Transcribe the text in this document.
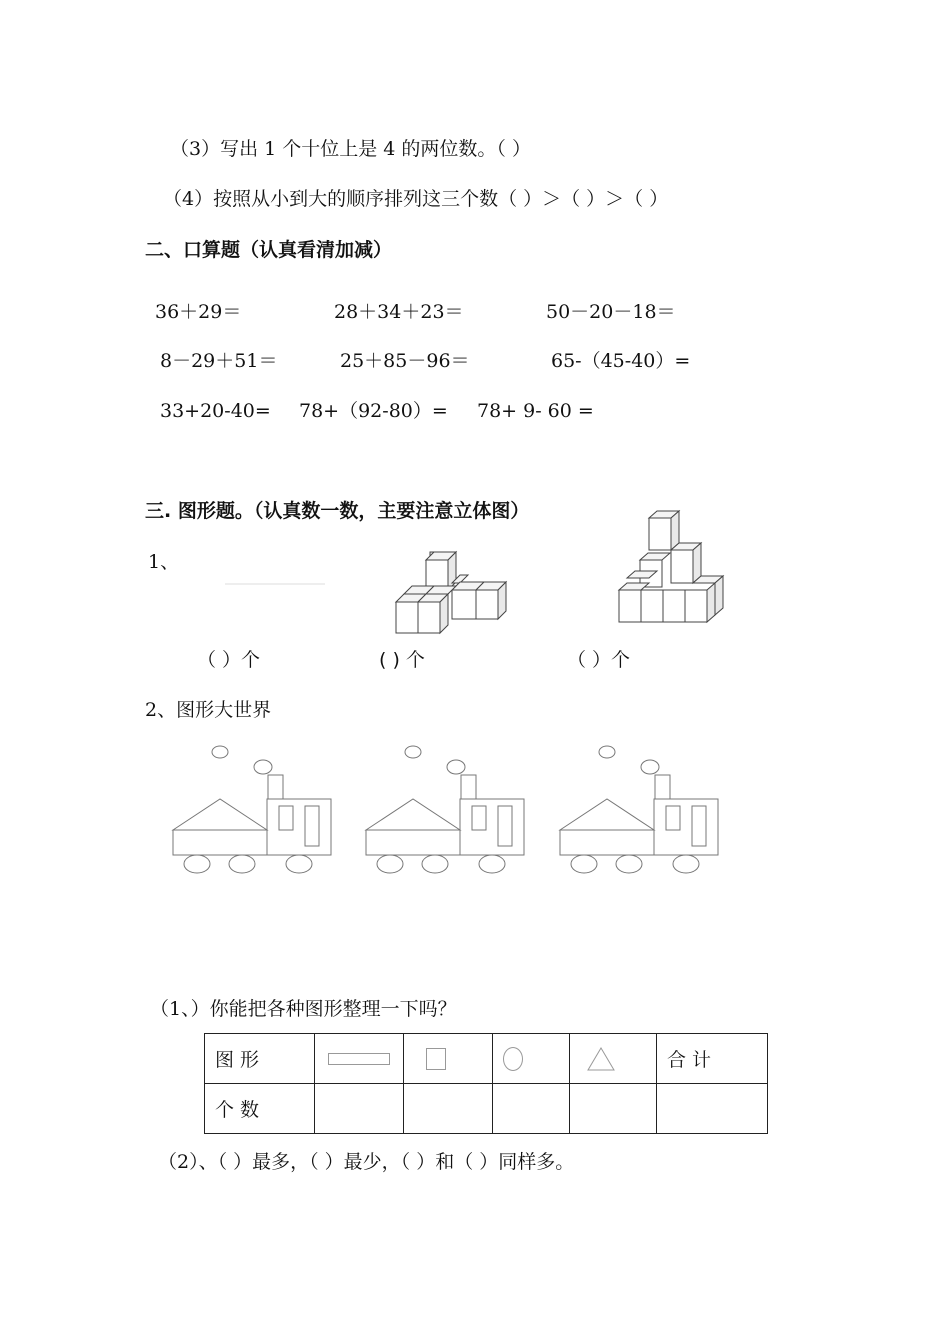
（3）写出 1 个十位上是 4 的两位数。（ ）
（4）按照从小到大的顺序排列这三个数（ ）＞（ ）＞（ ）
二、口算题（认真看清加减）
36＋29＝	28＋34＋23＝	50－20－18＝
8－29＋51＝	25＋85－96＝	65-（45-40）=
33+20-40= 78+（92-80）= 78+ 9- 60 =
三. 图形题。（认真数一数，主要注意立体图）
1、
（ ）个	( ) 个	（ ）个
2、图形大世界
（1、）你能把各种图形整理一下吗？
图 形					合 计
个 数					
（2）、（ ）最多，（ ）最少，（ ）和（ ）同样多。
